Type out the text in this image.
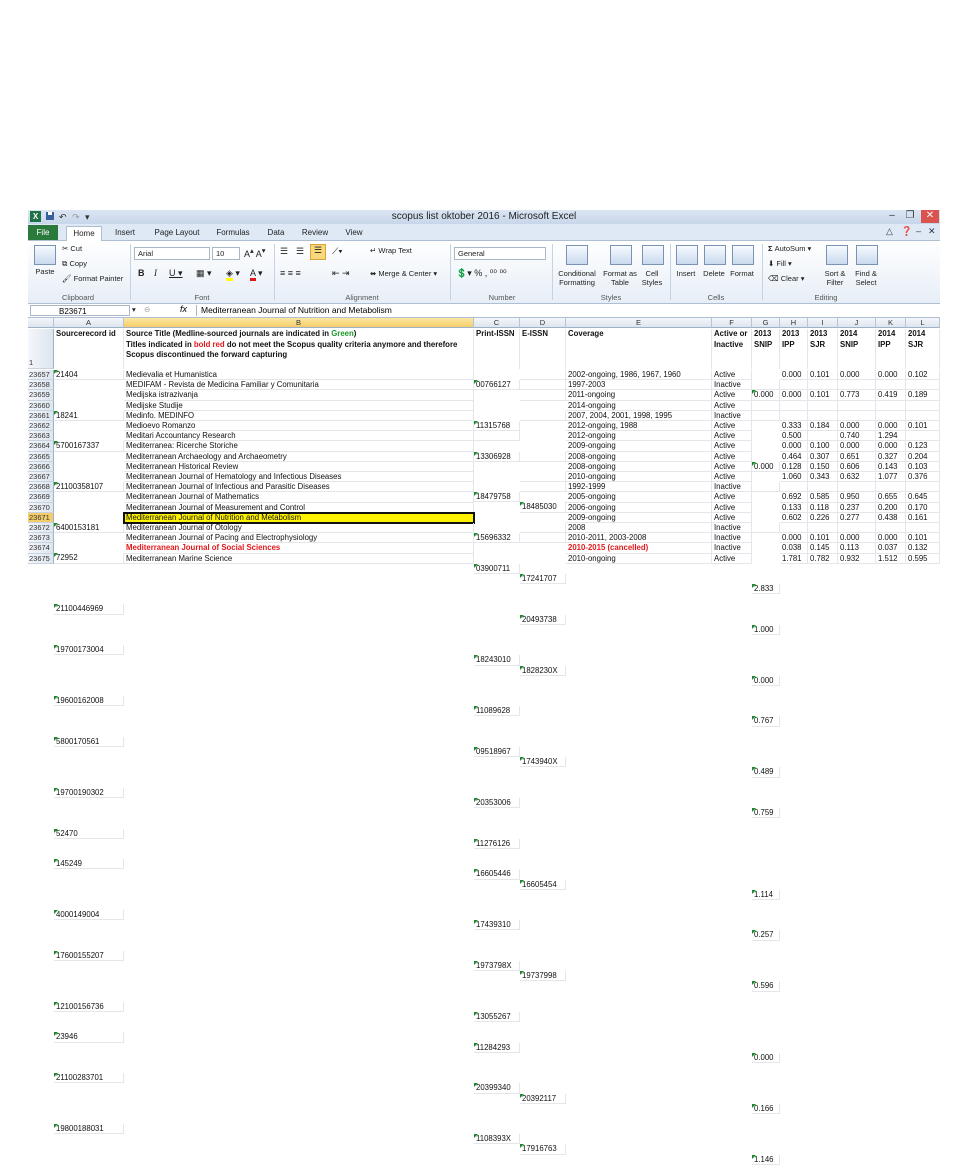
X	↶ ↷ ▾	scopus list oktober 2016 - Microsoft Excel	–	❐	✕
File	Home	Insert	Page Layout	Formulas	Data	Review	View	△ ❓ – ✕
Paste
✂ Cut
⧉ Copy
🖌 Format Painter
Clipboard
Arial	10	A▴ A▾
B I U ▾ ▦ ▾ ◈ ▾ A ▾
Font
☰ ☰	☰	⟋▾	↵ Wrap Text
≡ ≡ ≡	⇤ ⇥	⬌ Merge & Center ▾
Alignment
General
💲▾ % , ⁰⁰ ⁰⁰
Number
Conditional Formatting
Format as Table
Cell Styles
Styles
Insert	Delete Format
Cells
Σ AutoSum ▾
⬇ Fill ▾
⌫ Clear ▾
Sort & Filter
Find & Select
Editing
B23671	▾ ⊖	fx	Mediterranean Journal of Nutrition and Metabolism
A	B	C	D	E	F	G	H	I	J	K	L
1
Sourcerecord id	Print-ISSN E-ISSN	Coverage	Active or Inactive
2013 SNIP
2013 IPP
2013 SJR
2014 SNIP
2014 IPP
2014 SJR
Source Title (Medline-sourced journals are indicated in Green)
Titles indicated in bold red do not meet the Scopus quality criteria anymore and therefore
Scopus discontinued the forward capturing
23657 21404	Medievalia et Humanistica
00766127
2002-ongoing, 1986, 1967, 1960	Active
0.000
0.000	0.101	0.000	0.000	0.102
23658
18241
MEDIFAM - Revista de Medicina Familiar y Comunitaria
11315768
1997-2003	Inactive
23659
5700167337
Medijska istrazivanja
13306928
2011-ongoing	Active
0.000
0.000	0.101	0.773	0.419	0.189
23660
21100358107
Medijske Studije
18479758
18485030
2014-ongoing	Active
23661
6400153181
Medinfo. MEDINFO
15696332
2007, 2004, 2001, 1998, 1995	Inactive
23662
72952
Medioevo Romanzo
03900711
17241707
2012-ongoing, 1988	Active
2.833
0.333	0.184	0.000	0.000	0.101
23663
21100446969
Meditari Accountancy Research
20493738
2012-ongoing	Active
1.000
0.500	0.740	1.294
23664
19700173004
Mediterranea: Ricerche Storiche
18243010
1828230X
2009-ongoing	Active
0.000
0.000	0.100	0.000	0.000	0.123
23665
19600162008
Mediterranean Archaeology and Archaeometry
11089628
2008-ongoing	Active
0.767
0.464	0.307	0.651	0.327	0.204
23666
5800170561
Mediterranean Historical Review
09518967
1743940X
2008-ongoing	Active
0.489
0.128	0.150	0.606	0.143	0.103
23667
19700190302
Mediterranean Journal of Hematology and Infectious Diseases
20353006
2010-ongoing	Active
0.759
1.060	0.343	0.632	1.077	0.376
23668
52470
Mediterranean Journal of Infectious and Parasitic Diseases
11276126
1992-1999	Inactive
23669
145249
Mediterranean Journal of Mathematics
16605446
16605454
2005-ongoing	Active
1.114
0.692	0.585	0.950	0.655	0.645
23670
4000149004
Mediterranean Journal of Measurement and Control
17439310
2006-ongoing	Active
0.257
0.133	0.118	0.237	0.200	0.170
23671
17600155207
Mediterranean Journal of Nutrition and Metabolism
1973798X
19737998
2009-ongoing	Active
0.596
0.602	0.226	0.277	0.438	0.161
23672
12100156736
Mediterranean Journal of Otology
13055267
2008	Inactive
23673
23946
Mediterranean Journal of Pacing and Electrophysiology
11284293
2010-2011, 2003-2008	Inactive
0.000
0.000	0.101	0.000	0.000	0.101
23674
21100283701
Mediterranean Journal of Social Sciences
20399340
20392117
2010-2015 (cancelled)	Inactive
0.166
0.038	0.145	0.113	0.037	0.132
23675
19800188031
Mediterranean Marine Science
1108393X
17916763
2010-ongoing	Active
1.146
1.781	0.782	0.932	1.512	0.595
